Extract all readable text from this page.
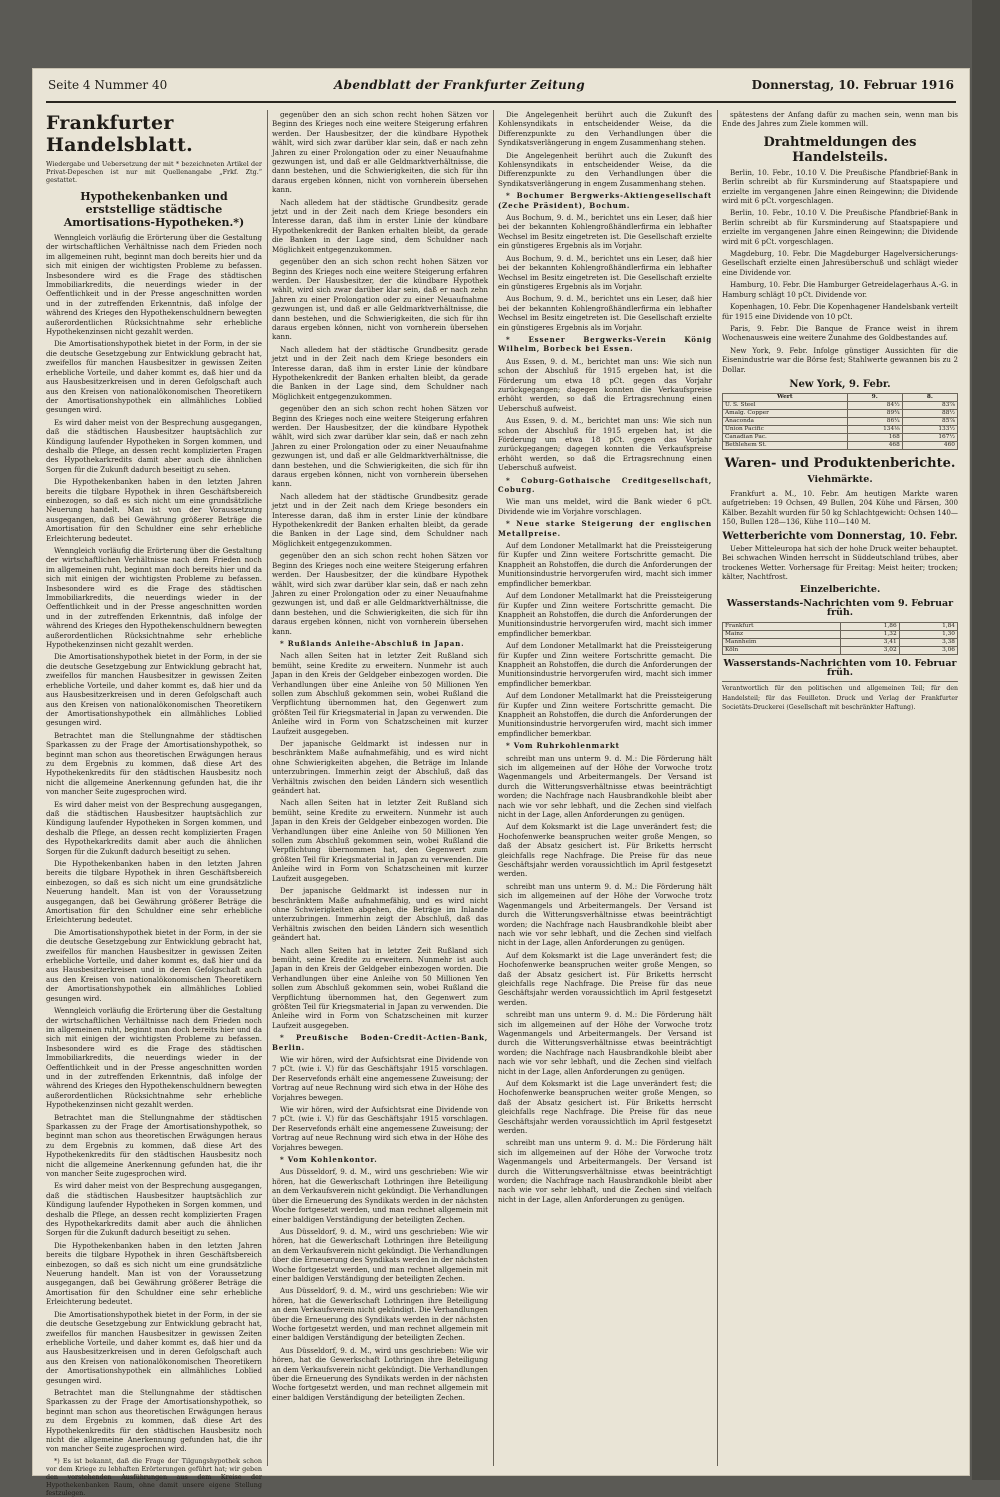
Seite 4 Nummer 40	Abendblatt der Frankfurter Zeitung	Donnerstag, 10. Februar 1916
Frankfurter Handelsblatt.
Wiedergabe und Uebersetzung der mit * bezeichneten Artikel der Privat-Depeschen ist nur mit Quellenangabe „Frkf. Ztg.“ gestattet.
Hypothekenbanken und erststellige städtische Amortisations-Hypotheken.*)

Wenngleich vorläufig die Erörterung über die Gestaltung der wirtschaftlichen Verhältnisse nach dem Frieden noch im allgemeinen ruht, beginnt man doch bereits hier und da sich mit einigen der wichtigsten Probleme zu befassen. Insbesondere wird es die Frage des städtischen Immobiliarkredits, die neuerdings wieder in der Oeffentlichkeit und in der Presse angeschnitten worden und in der zutreffenden Erkenntnis, daß infolge der während des Krieges den Hypothekenschuldnern bewegten außerordentlichen Rücksichtnahme sehr erhebliche Hypothekenzinsen nicht gezahlt werden.

Die Amortisationshypothek bietet in der Form, in der sie die deutsche Gesetzgebung zur Entwicklung gebracht hat, zweifellos für manchen Hausbesitzer in gewissen Zeiten erhebliche Vorteile, und daher kommt es, daß hier und da aus Hausbesitzerkreisen und in deren Gefolgschaft auch aus den Kreisen von nationalökonomischen Theoretikern der Amortisationshypothek ein allmähliches Loblied gesungen wird.

Es wird daher meist von der Besprechung ausgegangen, daß die städtischen Hausbesitzer hauptsächlich zur Kündigung laufender Hypotheken in Sorgen kommen, und deshalb die Pflege, an dessen recht komplizierten Fragen des Hypothekarkredits damit aber auch die ähnlichen Sorgen für die Zukunft dadurch beseitigt zu sehen.

Die Hypothekenbanken haben in den letzten Jahren bereits die tilgbare Hypothek in ihren Geschäftsbereich einbezogen, so daß es sich nicht um eine grundsätzliche Neuerung handelt. Man ist von der Voraussetzung ausgegangen, daß bei Gewährung größerer Beträge die Amortisation für den Schuldner eine sehr erhebliche Erleichterung bedeutet.

Wenngleich vorläufig die Erörterung über die Gestaltung der wirtschaftlichen Verhältnisse nach dem Frieden noch im allgemeinen ruht, beginnt man doch bereits hier und da sich mit einigen der wichtigsten Probleme zu befassen. Insbesondere wird es die Frage des städtischen Immobiliarkredits, die neuerdings wieder in der Oeffentlichkeit und in der Presse angeschnitten worden und in der zutreffenden Erkenntnis, daß infolge der während des Krieges den Hypothekenschuldnern bewegten außerordentlichen Rücksichtnahme sehr erhebliche Hypothekenzinsen nicht gezahlt werden.

Die Amortisationshypothek bietet in der Form, in der sie die deutsche Gesetzgebung zur Entwicklung gebracht hat, zweifellos für manchen Hausbesitzer in gewissen Zeiten erhebliche Vorteile, und daher kommt es, daß hier und da aus Hausbesitzerkreisen und in deren Gefolgschaft auch aus den Kreisen von nationalökonomischen Theoretikern der Amortisationshypothek ein allmähliches Loblied gesungen wird.

Betrachtet man die Stellungnahme der städtischen Sparkassen zu der Frage der Amortisationshypothek, so beginnt man schon aus theoretischen Erwägungen heraus zu dem Ergebnis zu kommen, daß diese Art des Hypothekenkredits für den städtischen Hausbesitz noch nicht die allgemeine Anerkennung gefunden hat, die ihr von mancher Seite zugesprochen wird.

Es wird daher meist von der Besprechung ausgegangen, daß die städtischen Hausbesitzer hauptsächlich zur Kündigung laufender Hypotheken in Sorgen kommen, und deshalb die Pflege, an dessen recht komplizierten Fragen des Hypothekarkredits damit aber auch die ähnlichen Sorgen für die Zukunft dadurch beseitigt zu sehen.

Die Hypothekenbanken haben in den letzten Jahren bereits die tilgbare Hypothek in ihren Geschäftsbereich einbezogen, so daß es sich nicht um eine grundsätzliche Neuerung handelt. Man ist von der Voraussetzung ausgegangen, daß bei Gewährung größerer Beträge die Amortisation für den Schuldner eine sehr erhebliche Erleichterung bedeutet.

Die Amortisationshypothek bietet in der Form, in der sie die deutsche Gesetzgebung zur Entwicklung gebracht hat, zweifellos für manchen Hausbesitzer in gewissen Zeiten erhebliche Vorteile, und daher kommt es, daß hier und da aus Hausbesitzerkreisen und in deren Gefolgschaft auch aus den Kreisen von nationalökonomischen Theoretikern der Amortisationshypothek ein allmähliches Loblied gesungen wird.

Wenngleich vorläufig die Erörterung über die Gestaltung der wirtschaftlichen Verhältnisse nach dem Frieden noch im allgemeinen ruht, beginnt man doch bereits hier und da sich mit einigen der wichtigsten Probleme zu befassen. Insbesondere wird es die Frage des städtischen Immobiliarkredits, die neuerdings wieder in der Oeffentlichkeit und in der Presse angeschnitten worden und in der zutreffenden Erkenntnis, daß infolge der während des Krieges den Hypothekenschuldnern bewegten außerordentlichen Rücksichtnahme sehr erhebliche Hypothekenzinsen nicht gezahlt werden.

Betrachtet man die Stellungnahme der städtischen Sparkassen zu der Frage der Amortisationshypothek, so beginnt man schon aus theoretischen Erwägungen heraus zu dem Ergebnis zu kommen, daß diese Art des Hypothekenkredits für den städtischen Hausbesitz noch nicht die allgemeine Anerkennung gefunden hat, die ihr von mancher Seite zugesprochen wird.

Es wird daher meist von der Besprechung ausgegangen, daß die städtischen Hausbesitzer hauptsächlich zur Kündigung laufender Hypotheken in Sorgen kommen, und deshalb die Pflege, an dessen recht komplizierten Fragen des Hypothekarkredits damit aber auch die ähnlichen Sorgen für die Zukunft dadurch beseitigt zu sehen.

Die Hypothekenbanken haben in den letzten Jahren bereits die tilgbare Hypothek in ihren Geschäftsbereich einbezogen, so daß es sich nicht um eine grundsätzliche Neuerung handelt. Man ist von der Voraussetzung ausgegangen, daß bei Gewährung größerer Beträge die Amortisation für den Schuldner eine sehr erhebliche Erleichterung bedeutet.

Die Amortisationshypothek bietet in der Form, in der sie die deutsche Gesetzgebung zur Entwicklung gebracht hat, zweifellos für manchen Hausbesitzer in gewissen Zeiten erhebliche Vorteile, und daher kommt es, daß hier und da aus Hausbesitzerkreisen und in deren Gefolgschaft auch aus den Kreisen von nationalökonomischen Theoretikern der Amortisationshypothek ein allmähliches Loblied gesungen wird.

Betrachtet man die Stellungnahme der städtischen Sparkassen zu der Frage der Amortisationshypothek, so beginnt man schon aus theoretischen Erwägungen heraus zu dem Ergebnis zu kommen, daß diese Art des Hypothekenkredits für den städtischen Hausbesitz noch nicht die allgemeine Anerkennung gefunden hat, die ihr von mancher Seite zugesprochen wird.

*) Es ist bekannt, daß die Frage der Tilgungshypothek schon vor dem Kriege zu lebhaften Erörterungen geführt hat; wir geben den vorstehenden Ausführungen aus dem Kreise der Hypothekenbanken Raum, ohne damit unsere eigene Stellung festzulegen.

gegenüber den an sich schon recht hohen Sätzen vor Beginn des Krieges noch eine weitere Steigerung erfahren werden. Der Hausbesitzer, der die kündbare Hypothek wählt, wird sich zwar darüber klar sein, daß er nach zehn Jahren zu einer Prolongation oder zu einer Neuaufnahme gezwungen ist, und daß er alle Geldmarktverhältnisse, die dann bestehen, und die Schwierigkeiten, die sich für ihn daraus ergeben können, nicht von vornherein übersehen kann.

Nach alledem hat der städtische Grundbesitz gerade jetzt und in der Zeit nach dem Kriege besonders ein Interesse daran, daß ihm in erster Linie der kündbare Hypothekenkredit der Banken erhalten bleibt, da gerade die Banken in der Lage sind, dem Schuldner nach Möglichkeit entgegenzukommen.

gegenüber den an sich schon recht hohen Sätzen vor Beginn des Krieges noch eine weitere Steigerung erfahren werden. Der Hausbesitzer, der die kündbare Hypothek wählt, wird sich zwar darüber klar sein, daß er nach zehn Jahren zu einer Prolongation oder zu einer Neuaufnahme gezwungen ist, und daß er alle Geldmarktverhältnisse, die dann bestehen, und die Schwierigkeiten, die sich für ihn daraus ergeben können, nicht von vornherein übersehen kann.

Nach alledem hat der städtische Grundbesitz gerade jetzt und in der Zeit nach dem Kriege besonders ein Interesse daran, daß ihm in erster Linie der kündbare Hypothekenkredit der Banken erhalten bleibt, da gerade die Banken in der Lage sind, dem Schuldner nach Möglichkeit entgegenzukommen.

gegenüber den an sich schon recht hohen Sätzen vor Beginn des Krieges noch eine weitere Steigerung erfahren werden. Der Hausbesitzer, der die kündbare Hypothek wählt, wird sich zwar darüber klar sein, daß er nach zehn Jahren zu einer Prolongation oder zu einer Neuaufnahme gezwungen ist, und daß er alle Geldmarktverhältnisse, die dann bestehen, und die Schwierigkeiten, die sich für ihn daraus ergeben können, nicht von vornherein übersehen kann.

Nach alledem hat der städtische Grundbesitz gerade jetzt und in der Zeit nach dem Kriege besonders ein Interesse daran, daß ihm in erster Linie der kündbare Hypothekenkredit der Banken erhalten bleibt, da gerade die Banken in der Lage sind, dem Schuldner nach Möglichkeit entgegenzukommen.

gegenüber den an sich schon recht hohen Sätzen vor Beginn des Krieges noch eine weitere Steigerung erfahren werden. Der Hausbesitzer, der die kündbare Hypothek wählt, wird sich zwar darüber klar sein, daß er nach zehn Jahren zu einer Prolongation oder zu einer Neuaufnahme gezwungen ist, und daß er alle Geldmarktverhältnisse, die dann bestehen, und die Schwierigkeiten, die sich für ihn daraus ergeben können, nicht von vornherein übersehen kann.

* Rußlands Anleihe-Abschluß in Japan.

Nach allen Seiten hat in letzter Zeit Rußland sich bemüht, seine Kredite zu erweitern. Nunmehr ist auch Japan in den Kreis der Geldgeber einbezogen worden. Die Verhandlungen über eine Anleihe von 50 Millionen Yen sollen zum Abschluß gekommen sein, wobei Rußland die Verpflichtung übernommen hat, den Gegenwert zum größten Teil für Kriegsmaterial in Japan zu verwenden. Die Anleihe wird in Form von Schatzscheinen mit kurzer Laufzeit ausgegeben.

Der japanische Geldmarkt ist indessen nur in beschränktem Maße aufnahmefähig, und es wird nicht ohne Schwierigkeiten abgehen, die Beträge im Inlande unterzubringen. Immerhin zeigt der Abschluß, daß das Verhältnis zwischen den beiden Ländern sich wesentlich geändert hat.

Nach allen Seiten hat in letzter Zeit Rußland sich bemüht, seine Kredite zu erweitern. Nunmehr ist auch Japan in den Kreis der Geldgeber einbezogen worden. Die Verhandlungen über eine Anleihe von 50 Millionen Yen sollen zum Abschluß gekommen sein, wobei Rußland die Verpflichtung übernommen hat, den Gegenwert zum größten Teil für Kriegsmaterial in Japan zu verwenden. Die Anleihe wird in Form von Schatzscheinen mit kurzer Laufzeit ausgegeben.

Der japanische Geldmarkt ist indessen nur in beschränktem Maße aufnahmefähig, und es wird nicht ohne Schwierigkeiten abgehen, die Beträge im Inlande unterzubringen. Immerhin zeigt der Abschluß, daß das Verhältnis zwischen den beiden Ländern sich wesentlich geändert hat.

Nach allen Seiten hat in letzter Zeit Rußland sich bemüht, seine Kredite zu erweitern. Nunmehr ist auch Japan in den Kreis der Geldgeber einbezogen worden. Die Verhandlungen über eine Anleihe von 50 Millionen Yen sollen zum Abschluß gekommen sein, wobei Rußland die Verpflichtung übernommen hat, den Gegenwert zum größten Teil für Kriegsmaterial in Japan zu verwenden. Die Anleihe wird in Form von Schatzscheinen mit kurzer Laufzeit ausgegeben.

* Preußische Boden-Credit-Actien-Bank, Berlin.

Wie wir hören, wird der Aufsichtsrat eine Dividende von 7 pCt. (wie i. V.) für das Geschäftsjahr 1915 vorschlagen. Der Reservefonds erhält eine angemessene Zuweisung; der Vortrag auf neue Rechnung wird sich etwa in der Höhe des Vorjahres bewegen.

Wie wir hören, wird der Aufsichtsrat eine Dividende von 7 pCt. (wie i. V.) für das Geschäftsjahr 1915 vorschlagen. Der Reservefonds erhält eine angemessene Zuweisung; der Vortrag auf neue Rechnung wird sich etwa in der Höhe des Vorjahres bewegen.

* Vom Kohlenkontor.

Aus Düsseldorf, 9. d. M., wird uns geschrieben: Wie wir hören, hat die Gewerkschaft Lothringen ihre Beteiligung an dem Verkaufsverein nicht gekündigt. Die Verhandlungen über die Erneuerung des Syndikats werden in der nächsten Woche fortgesetzt werden, und man rechnet allgemein mit einer baldigen Verständigung der beteiligten Zechen.

Aus Düsseldorf, 9. d. M., wird uns geschrieben: Wie wir hören, hat die Gewerkschaft Lothringen ihre Beteiligung an dem Verkaufsverein nicht gekündigt. Die Verhandlungen über die Erneuerung des Syndikats werden in der nächsten Woche fortgesetzt werden, und man rechnet allgemein mit einer baldigen Verständigung der beteiligten Zechen.

Aus Düsseldorf, 9. d. M., wird uns geschrieben: Wie wir hören, hat die Gewerkschaft Lothringen ihre Beteiligung an dem Verkaufsverein nicht gekündigt. Die Verhandlungen über die Erneuerung des Syndikats werden in der nächsten Woche fortgesetzt werden, und man rechnet allgemein mit einer baldigen Verständigung der beteiligten Zechen.

Aus Düsseldorf, 9. d. M., wird uns geschrieben: Wie wir hören, hat die Gewerkschaft Lothringen ihre Beteiligung an dem Verkaufsverein nicht gekündigt. Die Verhandlungen über die Erneuerung des Syndikats werden in der nächsten Woche fortgesetzt werden, und man rechnet allgemein mit einer baldigen Verständigung der beteiligten Zechen.

Die Angelegenheit berührt auch die Zukunft des Kohlensyndikats in entscheidender Weise, da die Differenzpunkte zu den Verhandlungen über die Syndikatsverlängerung in engem Zusammenhang stehen.

Die Angelegenheit berührt auch die Zukunft des Kohlensyndikats in entscheidender Weise, da die Differenzpunkte zu den Verhandlungen über die Syndikatsverlängerung in engem Zusammenhang stehen.

* Bochumer Bergwerks-Aktiengesellschaft (Zeche Präsident), Bochum.

Aus Bochum, 9. d. M., berichtet uns ein Leser, daß hier bei der bekannten Kohlengroßhändlerfirma ein lebhafter Wechsel im Besitz eingetreten ist. Die Gesellschaft erzielte ein günstigeres Ergebnis als im Vorjahr.

Aus Bochum, 9. d. M., berichtet uns ein Leser, daß hier bei der bekannten Kohlengroßhändlerfirma ein lebhafter Wechsel im Besitz eingetreten ist. Die Gesellschaft erzielte ein günstigeres Ergebnis als im Vorjahr.

Aus Bochum, 9. d. M., berichtet uns ein Leser, daß hier bei der bekannten Kohlengroßhändlerfirma ein lebhafter Wechsel im Besitz eingetreten ist. Die Gesellschaft erzielte ein günstigeres Ergebnis als im Vorjahr.

* Essener Bergwerks-Verein König Wilhelm, Borbeck bei Essen.

Aus Essen, 9. d. M., berichtet man uns: Wie sich nun schon der Abschluß für 1915 ergeben hat, ist die Förderung um etwa 18 pCt. gegen das Vorjahr zurückgegangen; dagegen konnten die Verkaufspreise erhöht werden, so daß die Ertragsrechnung einen Ueberschuß aufweist.

Aus Essen, 9. d. M., berichtet man uns: Wie sich nun schon der Abschluß für 1915 ergeben hat, ist die Förderung um etwa 18 pCt. gegen das Vorjahr zurückgegangen; dagegen konnten die Verkaufspreise erhöht werden, so daß die Ertragsrechnung einen Ueberschuß aufweist.

* Coburg-Gothaische Creditgesellschaft, Coburg.

Wie man uns meldet, wird die Bank wieder 6 pCt. Dividende wie im Vorjahre vorschlagen.

* Neue starke Steigerung der englischen Metallpreise.

Auf dem Londoner Metallmarkt hat die Preissteigerung für Kupfer und Zinn weitere Fortschritte gemacht. Die Knappheit an Rohstoffen, die durch die Anforderungen der Munitionsindustrie hervorgerufen wird, macht sich immer empfindlicher bemerkbar.

Auf dem Londoner Metallmarkt hat die Preissteigerung für Kupfer und Zinn weitere Fortschritte gemacht. Die Knappheit an Rohstoffen, die durch die Anforderungen der Munitionsindustrie hervorgerufen wird, macht sich immer empfindlicher bemerkbar.

Auf dem Londoner Metallmarkt hat die Preissteigerung für Kupfer und Zinn weitere Fortschritte gemacht. Die Knappheit an Rohstoffen, die durch die Anforderungen der Munitionsindustrie hervorgerufen wird, macht sich immer empfindlicher bemerkbar.

Auf dem Londoner Metallmarkt hat die Preissteigerung für Kupfer und Zinn weitere Fortschritte gemacht. Die Knappheit an Rohstoffen, die durch die Anforderungen der Munitionsindustrie hervorgerufen wird, macht sich immer empfindlicher bemerkbar.

* Vom Ruhrkohlenmarkt

schreibt man uns unterm 9. d. M.: Die Förderung hält sich im allgemeinen auf der Höhe der Vorwoche trotz Wagenmangels und Arbeitermangels. Der Versand ist durch die Witterungsverhältnisse etwas beeinträchtigt worden; die Nachfrage nach Hausbrandkohle bleibt aber nach wie vor sehr lebhaft, und die Zechen sind vielfach nicht in der Lage, allen Anforderungen zu genügen.

Auf dem Koksmarkt ist die Lage unverändert fest; die Hochofenwerke beanspruchen weiter große Mengen, so daß der Absatz gesichert ist. Für Briketts herrscht gleichfalls rege Nachfrage. Die Preise für das neue Geschäftsjahr werden voraussichtlich im April festgesetzt werden.

schreibt man uns unterm 9. d. M.: Die Förderung hält sich im allgemeinen auf der Höhe der Vorwoche trotz Wagenmangels und Arbeitermangels. Der Versand ist durch die Witterungsverhältnisse etwas beeinträchtigt worden; die Nachfrage nach Hausbrandkohle bleibt aber nach wie vor sehr lebhaft, und die Zechen sind vielfach nicht in der Lage, allen Anforderungen zu genügen.

Auf dem Koksmarkt ist die Lage unverändert fest; die Hochofenwerke beanspruchen weiter große Mengen, so daß der Absatz gesichert ist. Für Briketts herrscht gleichfalls rege Nachfrage. Die Preise für das neue Geschäftsjahr werden voraussichtlich im April festgesetzt werden.

schreibt man uns unterm 9. d. M.: Die Förderung hält sich im allgemeinen auf der Höhe der Vorwoche trotz Wagenmangels und Arbeitermangels. Der Versand ist durch die Witterungsverhältnisse etwas beeinträchtigt worden; die Nachfrage nach Hausbrandkohle bleibt aber nach wie vor sehr lebhaft, und die Zechen sind vielfach nicht in der Lage, allen Anforderungen zu genügen.

Auf dem Koksmarkt ist die Lage unverändert fest; die Hochofenwerke beanspruchen weiter große Mengen, so daß der Absatz gesichert ist. Für Briketts herrscht gleichfalls rege Nachfrage. Die Preise für das neue Geschäftsjahr werden voraussichtlich im April festgesetzt werden.

schreibt man uns unterm 9. d. M.: Die Förderung hält sich im allgemeinen auf der Höhe der Vorwoche trotz Wagenmangels und Arbeitermangels. Der Versand ist durch die Witterungsverhältnisse etwas beeinträchtigt worden; die Nachfrage nach Hausbrandkohle bleibt aber nach wie vor sehr lebhaft, und die Zechen sind vielfach nicht in der Lage, allen Anforderungen zu genügen.

spätestens der Anfang dafür zu machen sein, wenn man bis Ende des Jahres zum Ziele kommen will.

Drahtmeldungen des Handelsteils.

Berlin, 10. Febr., 10.10 V. Die Preußische Pfandbrief-Bank in Berlin schreibt ab für Kursminderung auf Staatspapiere und erzielte im vergangenen Jahre einen Reingewinn; die Dividende wird mit 6 pCt. vorgeschlagen.

Berlin, 10. Febr., 10.10 V. Die Preußische Pfandbrief-Bank in Berlin schreibt ab für Kursminderung auf Staatspapiere und erzielte im vergangenen Jahre einen Reingewinn; die Dividende wird mit 6 pCt. vorgeschlagen.

Magdeburg, 10. Febr. Die Magdeburger Hagelversicherungs-Gesellschaft erzielte einen Jahresüberschuß und schlägt wieder eine Dividende vor.

Hamburg, 10. Febr. Die Hamburger Getreidelagerhaus A.-G. in Hamburg schlägt 10 pCt. Dividende vor.

Kopenhagen, 10. Febr. Die Kopenhagener Handelsbank verteilt für 1915 eine Dividende von 10 pCt.

Paris, 9. Febr. Die Banque de France weist in ihrem Wochenausweis eine weitere Zunahme des Goldbestandes auf.

New York, 9. Febr. Infolge günstiger Aussichten für die Eisenindustrie war die Börse fest; Stahlwerte gewannen bis zu 2 Dollar.

New York, 9. Febr.
Wert	9.	8.
U. S. Steel	84½	83⅞
Amalg. Copper	89¾	88½
Anaconda	86¼	85⅞
Union Pacific	134⅛	133½
Canadian Pac.	168	167½
Bethlehem St.	468	460
Waren- und Produktenberichte.
Viehmärkte.

Frankfurt a. M., 10. Febr. Am heutigen Markte waren aufgetrieben: 19 Ochsen, 49 Bullen, 204 Kühe und Färsen, 300 Kälber. Bezahlt wurden für 50 kg Schlachtgewicht: Ochsen 140—150, Bullen 128—136, Kühe 110—140 M.

Wetterberichte vom Donnerstag, 10. Febr.

Ueber Mitteleuropa hat sich der hohe Druck weiter behauptet. Bei schwachen Winden herrscht in Süddeutschland trübes, aber trockenes Wetter. Vorhersage für Freitag: Meist heiter; trocken; kälter, Nachtfrost.

Einzelberichte.
Wasserstands-Nachrichten vom 9. Februar früh.
Frankfurt	1,86	1,84
Mainz	1,32	1,30
Mannheim	3,41	3,38
Köln	3,02	3,06
Wasserstands-Nachrichten vom 10. Februar früh.
Verantwortlich für den politischen und allgemeinen Teil; für den Handelsteil; für das Feuilleton. Druck und Verlag der Frankfurter Societäts-Druckerei (Gesellschaft mit beschränkter Haftung).
